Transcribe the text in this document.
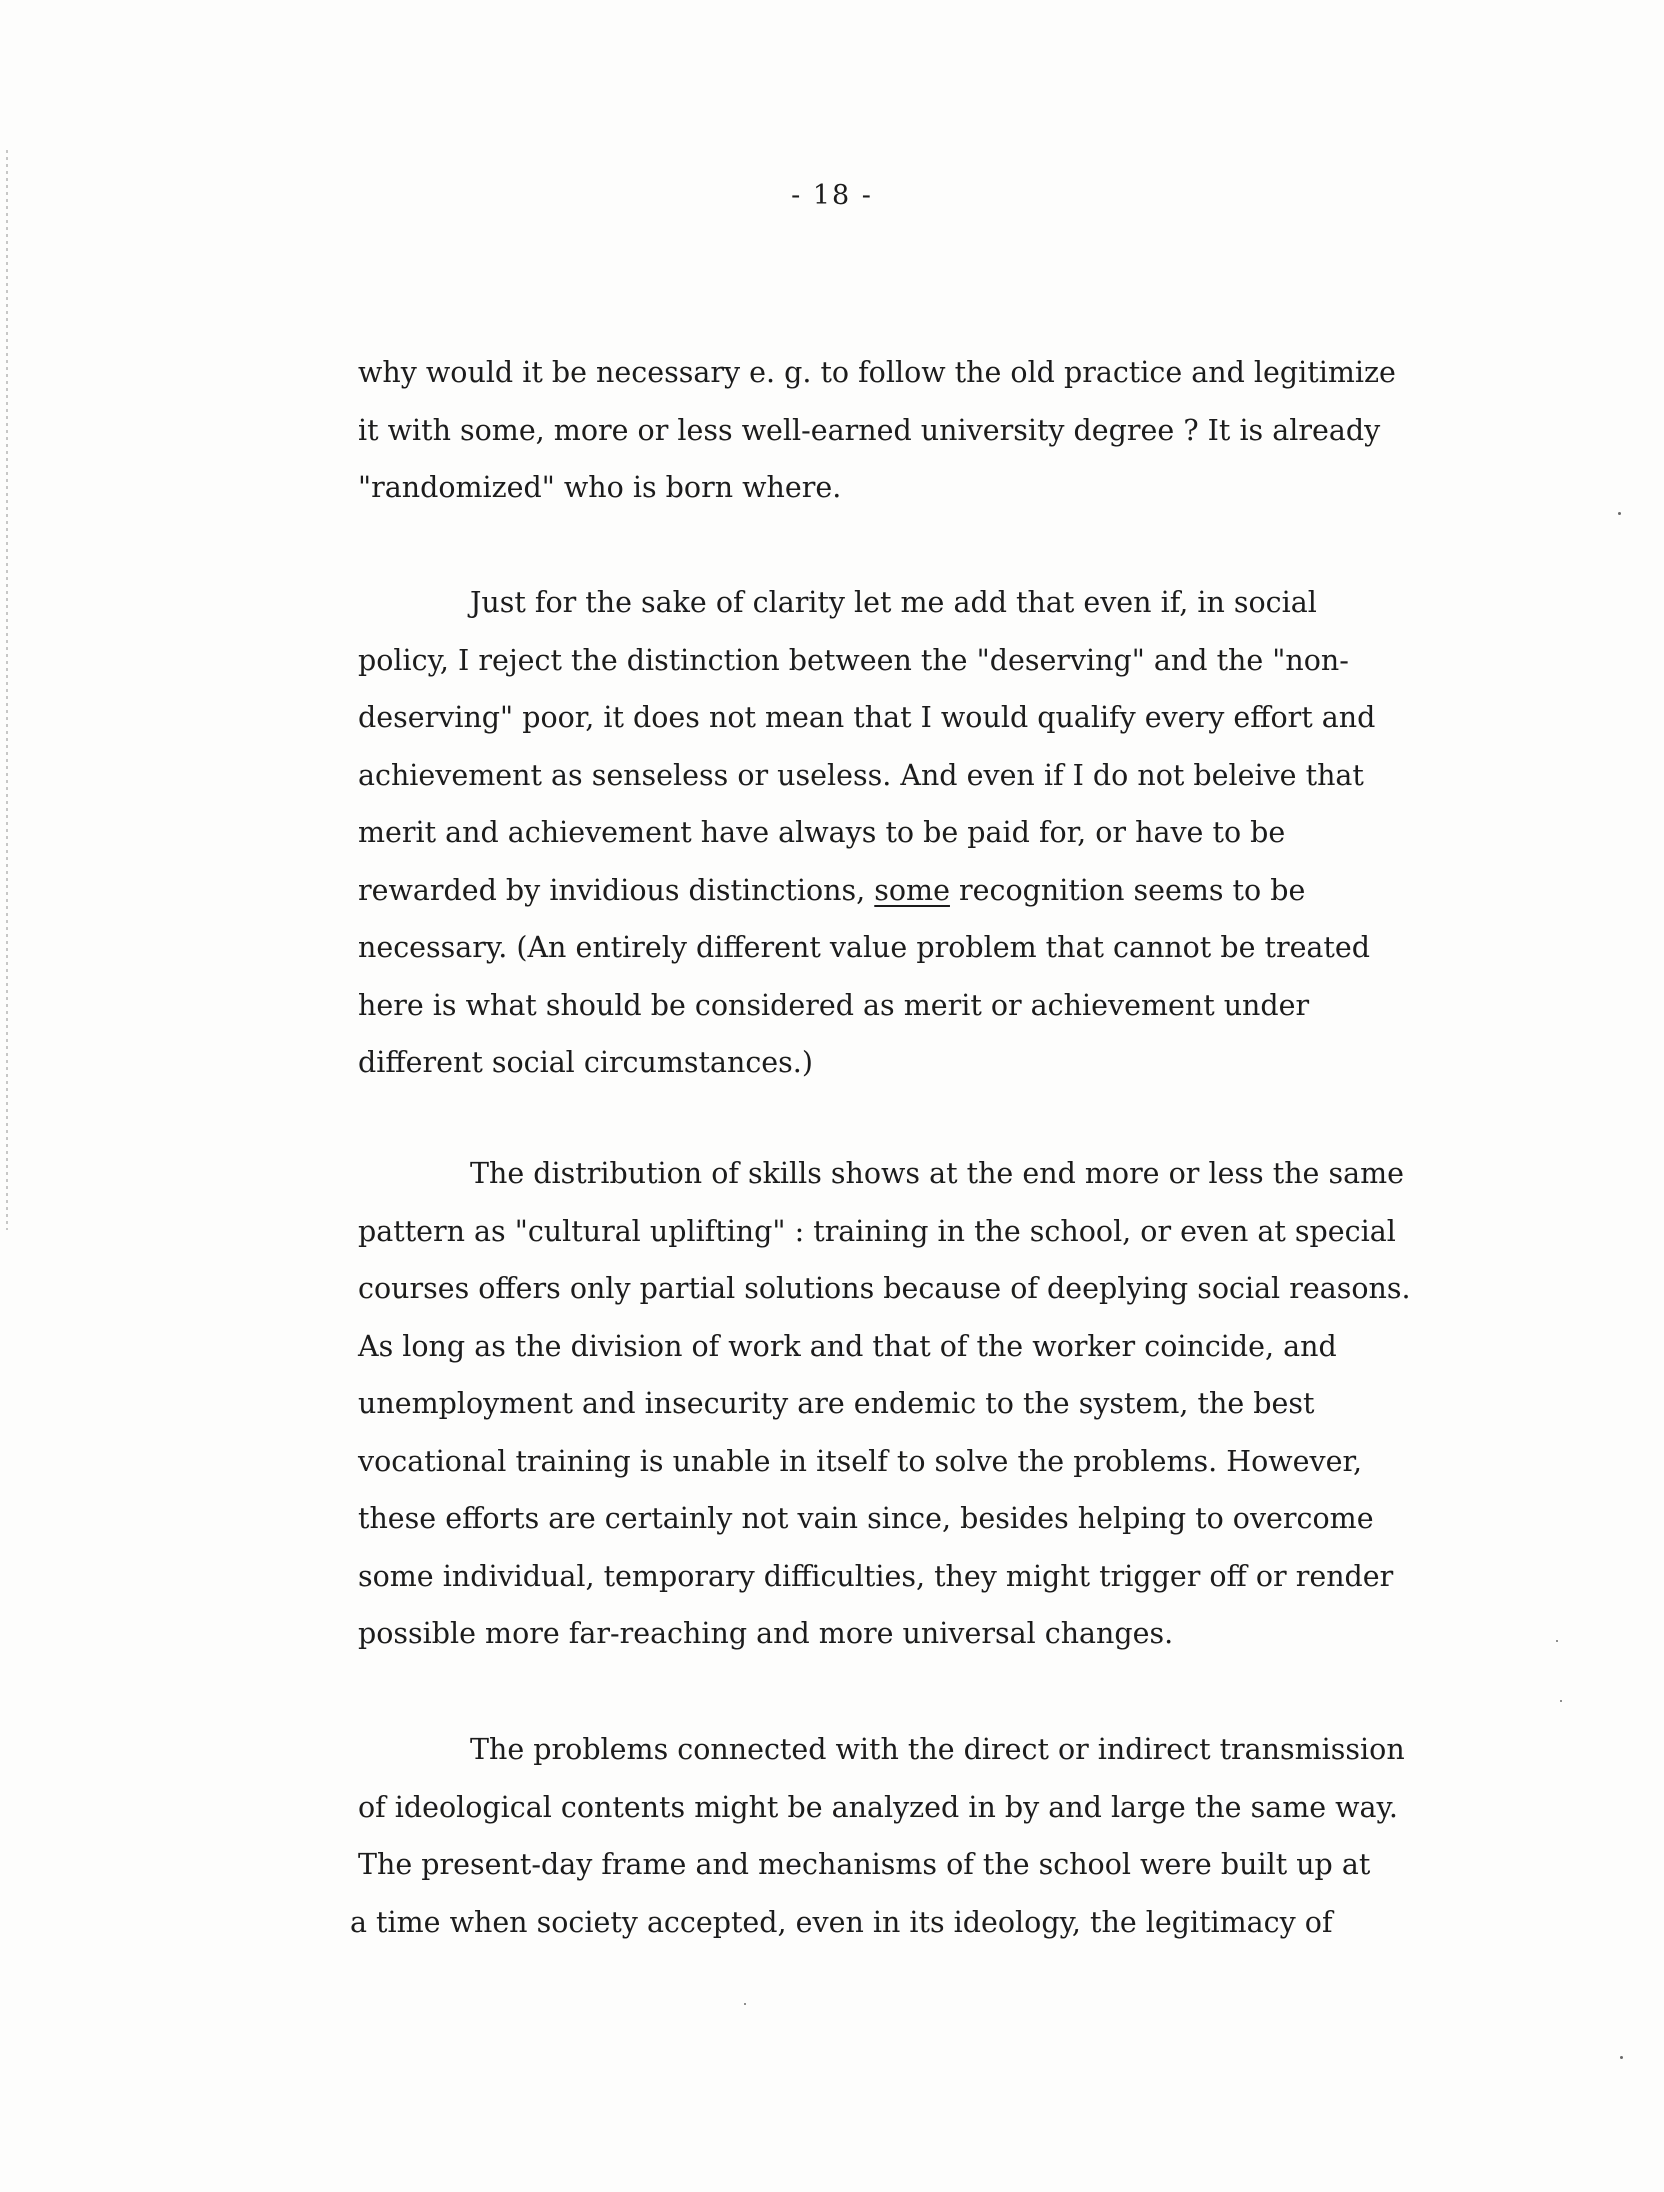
- 18 -

why would it be necessary e. g. to follow the old practice and legitimize
it with some, more or less well-earned university degree ? It is already
"randomized" who is born where.

Just for the sake of clarity let me add that even if, in social
policy, I reject the distinction between the "deserving" and the "non-
deserving" poor, it does not mean that I would qualify every effort and
achievement as senseless or useless. And even if I do not beleive that
merit and achievement have always to be paid for, or have to be
rewarded by invidious distinctions, some recognition seems to be
necessary. (An entirely different value problem that cannot be treated
here is what should be considered as merit or achievement under
different social circumstances.)

The distribution of skills shows at the end more or less the same
pattern as "cultural uplifting" : training in the school, or even at special
courses offers only partial solutions because of deeplying social reasons.
As long as the division of work and that of the worker coincide, and
unemployment and insecurity are endemic to the system, the best
vocational training is unable in itself to solve the problems. However,
these efforts are certainly not vain since, besides helping to overcome
some individual, temporary difficulties, they might trigger off or render
possible more far-reaching and more universal changes.

The problems connected with the direct or indirect transmission
of ideological contents might be analyzed in by and large the same way.
The present-day frame and mechanisms of the school were built up at
a time when society accepted, even in its ideology, the legitimacy of
